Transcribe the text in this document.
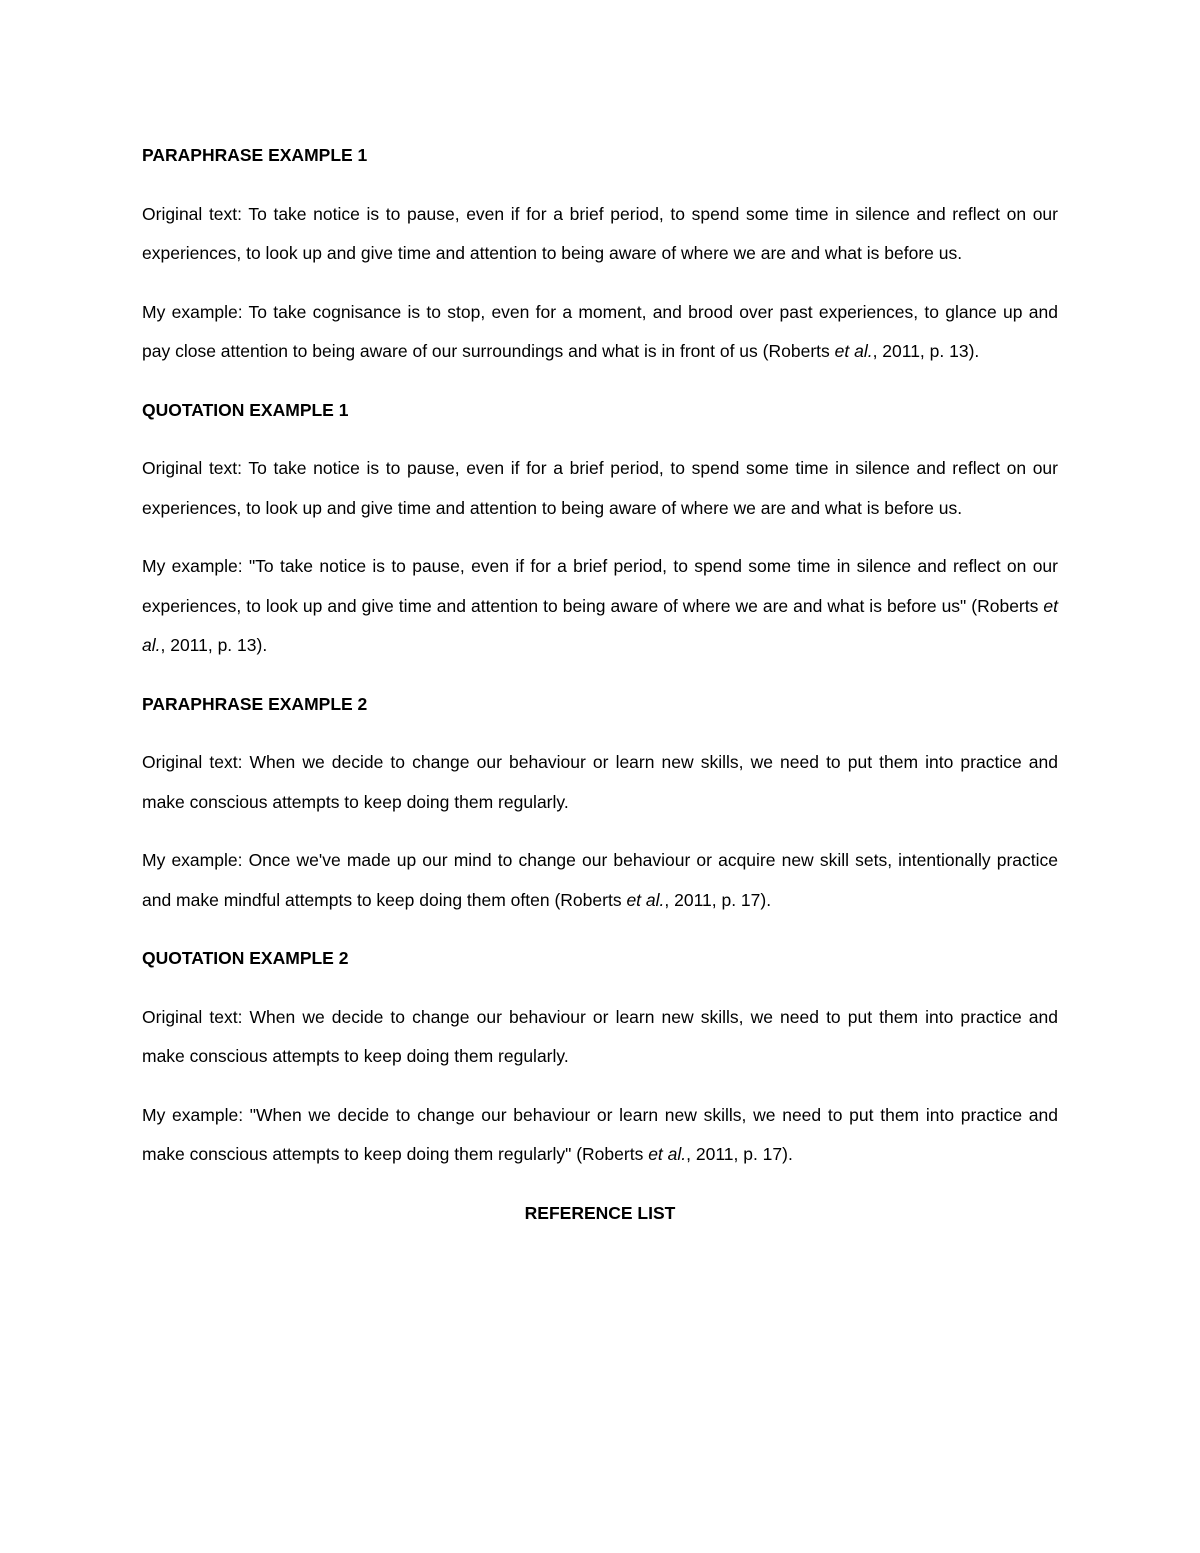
PARAPHRASE EXAMPLE 1

Original text: To take notice is to pause, even if for a brief period, to spend some time in silence and reflect on our experiences, to look up and give time and attention to being aware of where we are and what is before us.

My example: To take cognisance is to stop, even for a moment, and brood over past experiences, to glance up and pay close attention to being aware of our surroundings and what is in front of us (Roberts et al., 2011, p. 13).

QUOTATION EXAMPLE 1

Original text: To take notice is to pause, even if for a brief period, to spend some time in silence and reflect on our experiences, to look up and give time and attention to being aware of where we are and what is before us.

My example: "To take notice is to pause, even if for a brief period, to spend some time in silence and reflect on our experiences, to look up and give time and attention to being aware of where we are and what is before us" (Roberts et al., 2011, p. 13).

PARAPHRASE EXAMPLE 2

Original text: When we decide to change our behaviour or learn new skills, we need to put them into practice and make conscious attempts to keep doing them regularly.

My example: Once we've made up our mind to change our behaviour or acquire new skill sets, intentionally practice and make mindful attempts to keep doing them often (Roberts et al., 2011, p. 17).

QUOTATION EXAMPLE 2

Original text: When we decide to change our behaviour or learn new skills, we need to put them into practice and make conscious attempts to keep doing them regularly.

My example: "When we decide to change our behaviour or learn new skills, we need to put them into practice and make conscious attempts to keep doing them regularly" (Roberts et al., 2011, p. 17).

REFERENCE LIST
